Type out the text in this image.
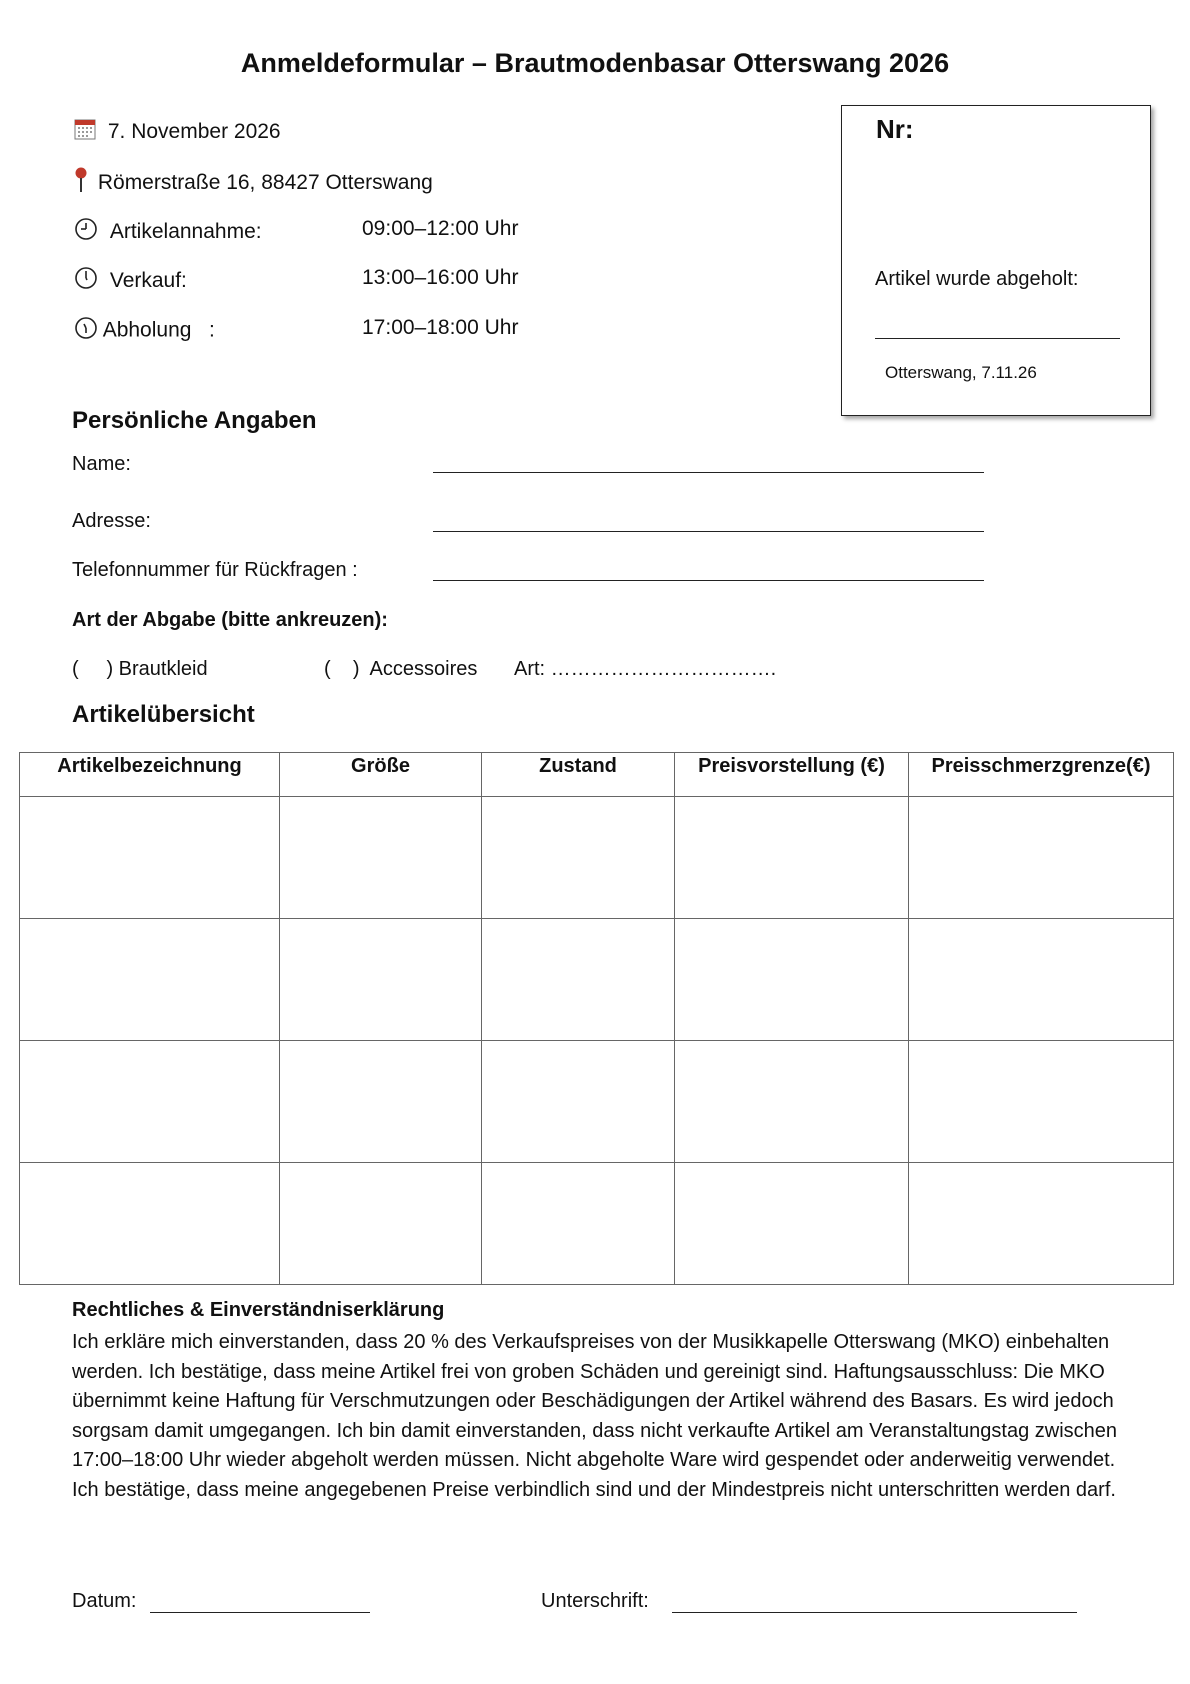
Anmeldeformular – Brautmodenbasar Otterswang 2026
7. November 2026
Römerstraße 16, 88427 Otterswang
Artikelannahme:	09:00–12:00 Uhr
Verkauf:	13:00–16:00 Uhr
Abholung   :	17:00–18:00 Uhr
Nr:
Artikel wurde abgeholt:
Otterswang, 7.11.26
Persönliche Angaben
Name:
Adresse:
Telefonnummer für Rückfragen :
Art der Abgabe (bitte ankreuzen):
(     ) Brautkleid	(    )  Accessoires Art: …………………………….
Artikelübersicht
Artikelbezeichnung	Größe	Zustand	Preisvorstellung (€)	Preisschmerzgrenze(€)

Rechtliches & Einverständniserklärung
Ich erkläre mich einverstanden, dass 20 % des Verkaufspreises von der Musikkapelle Otterswang (MKO) einbehalten werden. Ich bestätige, dass meine Artikel frei von groben Schäden und gereinigt sind. Haftungsausschluss: Die MKO übernimmt keine Haftung für Verschmutzungen oder Beschädigungen der Artikel während des Basars. Es wird jedoch sorgsam damit umgegangen. Ich bin damit einverstanden, dass nicht verkaufte Artikel am Veranstaltungstag zwischen 17:00–18:00 Uhr wieder abgeholt werden müssen. Nicht abgeholte Ware wird gespendet oder anderweitig verwendet. Ich bestätige, dass meine angegebenen Preise verbindlich sind und der Mindestpreis nicht unterschritten werden darf.
Datum:	Unterschrift:
